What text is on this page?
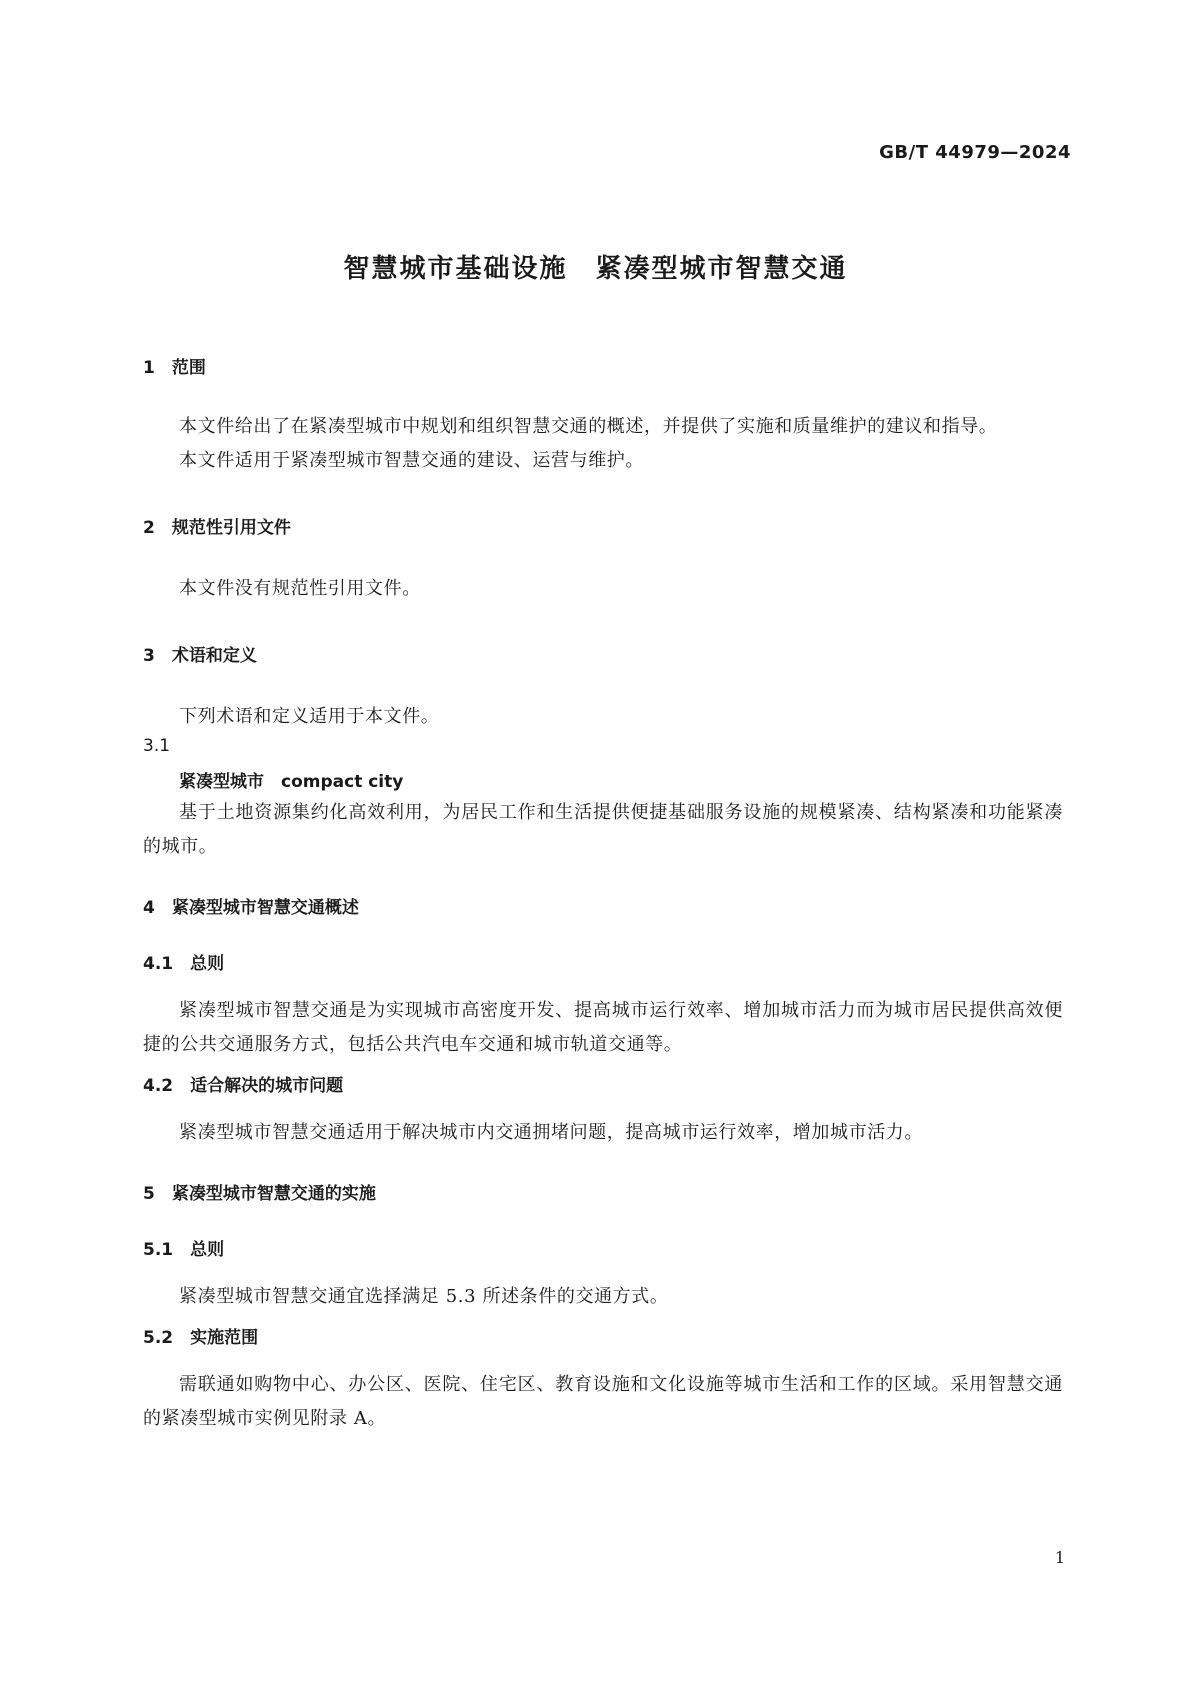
GB/T 44979—2024
智慧城市基础设施　紧凑型城市智慧交通

1　范围

本文件给出了在紧凑型城市中规划和组织智慧交通的概述，并提供了实施和质量维护的建议和指导。

本文件适用于紧凑型城市智慧交通的建设、运营与维护。

2　规范性引用文件

本文件没有规范性引用文件。

3　术语和定义

下列术语和定义适用于本文件。

3.1

紧凑型城市　compact city

基于土地资源集约化高效利用，为居民工作和生活提供便捷基础服务设施的规模紧凑、结构紧凑和功能紧凑的城市。

4　紧凑型城市智慧交通概述

4.1　总则

紧凑型城市智慧交通是为实现城市高密度开发、提高城市运行效率、增加城市活力而为城市居民提供高效便捷的公共交通服务方式，包括公共汽电车交通和城市轨道交通等。

4.2　适合解决的城市问题

紧凑型城市智慧交通适用于解决城市内交通拥堵问题，提高城市运行效率，增加城市活力。

5　紧凑型城市智慧交通的实施

5.1　总则

紧凑型城市智慧交通宜选择满足 5.3 所述条件的交通方式。

5.2　实施范围

需联通如购物中心、办公区、医院、住宅区、教育设施和文化设施等城市生活和工作的区域。采用智慧交通的紧凑型城市实例见附录 A。

1
